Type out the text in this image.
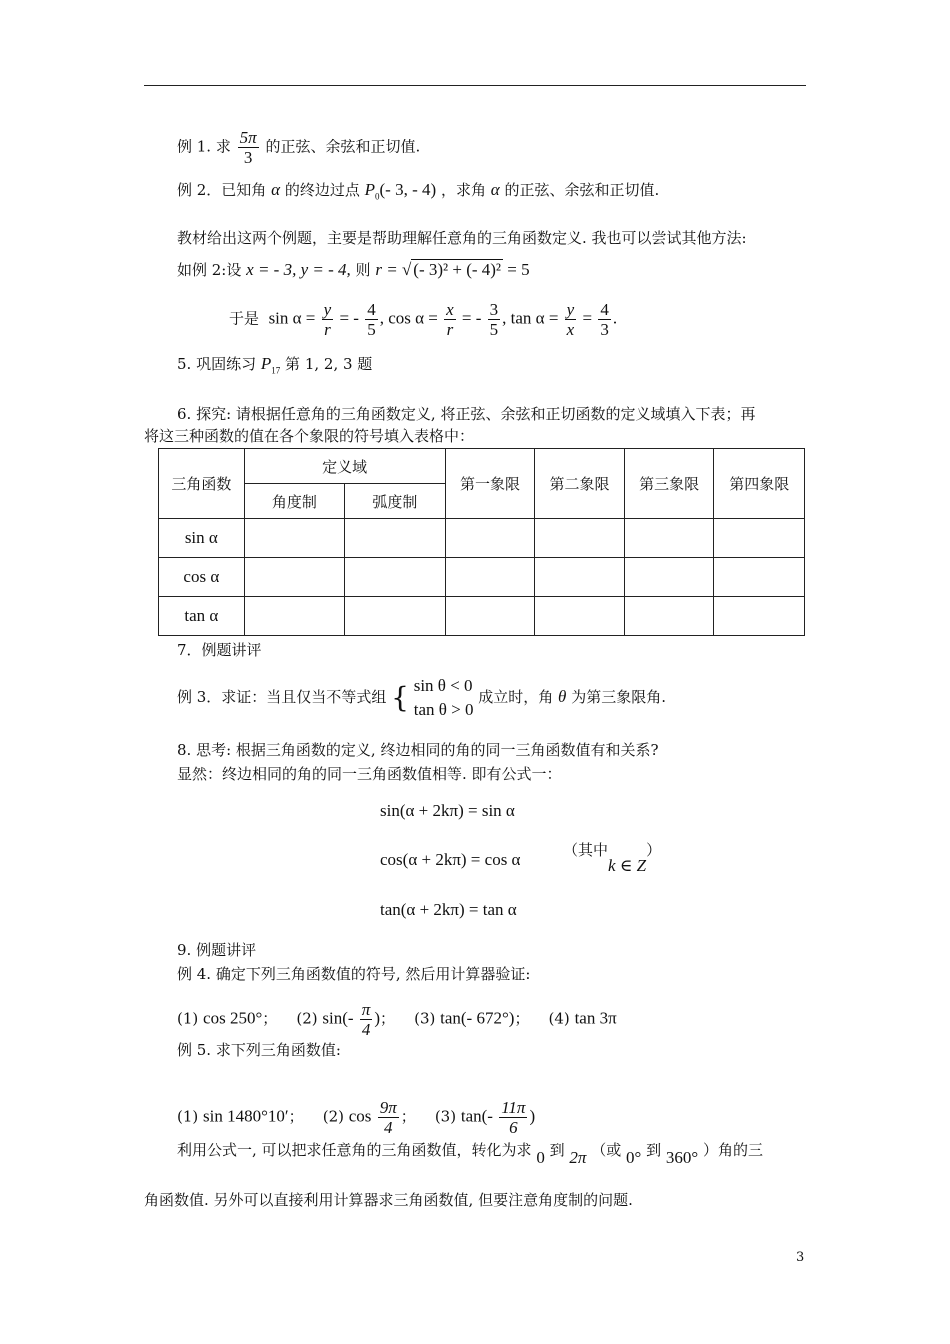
例 1. 求 $\frac{5\pi}{3}$ 的正弦、余弦和正切值.
例 2．已知角 α 的终边过点 $P_0(-$ 3, - 4) ，求角 α 的正弦、余弦和正切值.
教材给出这两个例题，主要是帮助理解任意角的三角函数定义. 我也可以尝试其他方法:
如例 2:设 x = - 3, y = - 4, 则 r = √ (- 3)² + (- 4)² = 5
于是 $\sin \alpha = \frac{y}{r}$ = - $\frac{4}{5}$ , $\cos \alpha = \frac{x}{r}$ = - $\frac{3}{5}$ , $\tan \alpha = \frac{y}{x} = \frac{4}{3}$ .
5. 巩固练习 $P_{17}$ 第 1, 2, 3 题
6. 探究: 请根据任意角的三角函数定义, 将正弦、余弦和正切函数的定义域填入下表；再
将这三种函数的值在各个象限的符号填入表格中：
三角函数	定义域		第一象限	第二象限	第三象限	第四象限
	角度制	弧度制				
sin α						
cos α						
tan α						
7．例题讲评
例 3．求证：当且仅当不等式组 { sin θ < 0
tan θ > 0
成立时，角 θ 为第三象限角.
8. 思考: 根据三角函数的定义, 终边相同的角的同一三角函数值有和关系?
显然：终边相同的角的同一三角函数值相等. 即有公式一：
sin(α + 2kπ) = sin α
cos(α + 2kπ) = cos α	（其中k ∈ Z）
tan(α + 2kπ) = tan α
9. 例题讲评
例 4. 确定下列三角函数值的符号, 然后用计算器验证:
(1) cos 250°； (2) $\sin(- \frac{\pi}{4}$ )； (3) tan(- 672°)； (4) tan 3π
例 5. 求下列三角函数值:
(1) sin 1480°10′； (2) $\cos \frac{9\pi}{4}$ ； (3) $\tan(- \frac{11\pi}{6}$ )
利用公式一, 可以把求任意角的三角函数值，转化为求 0 到 2π （或 0° 到 360° ）角的三
角函数值. 另外可以直接利用计算器求三角函数值, 但要注意角度制的问题.
3
